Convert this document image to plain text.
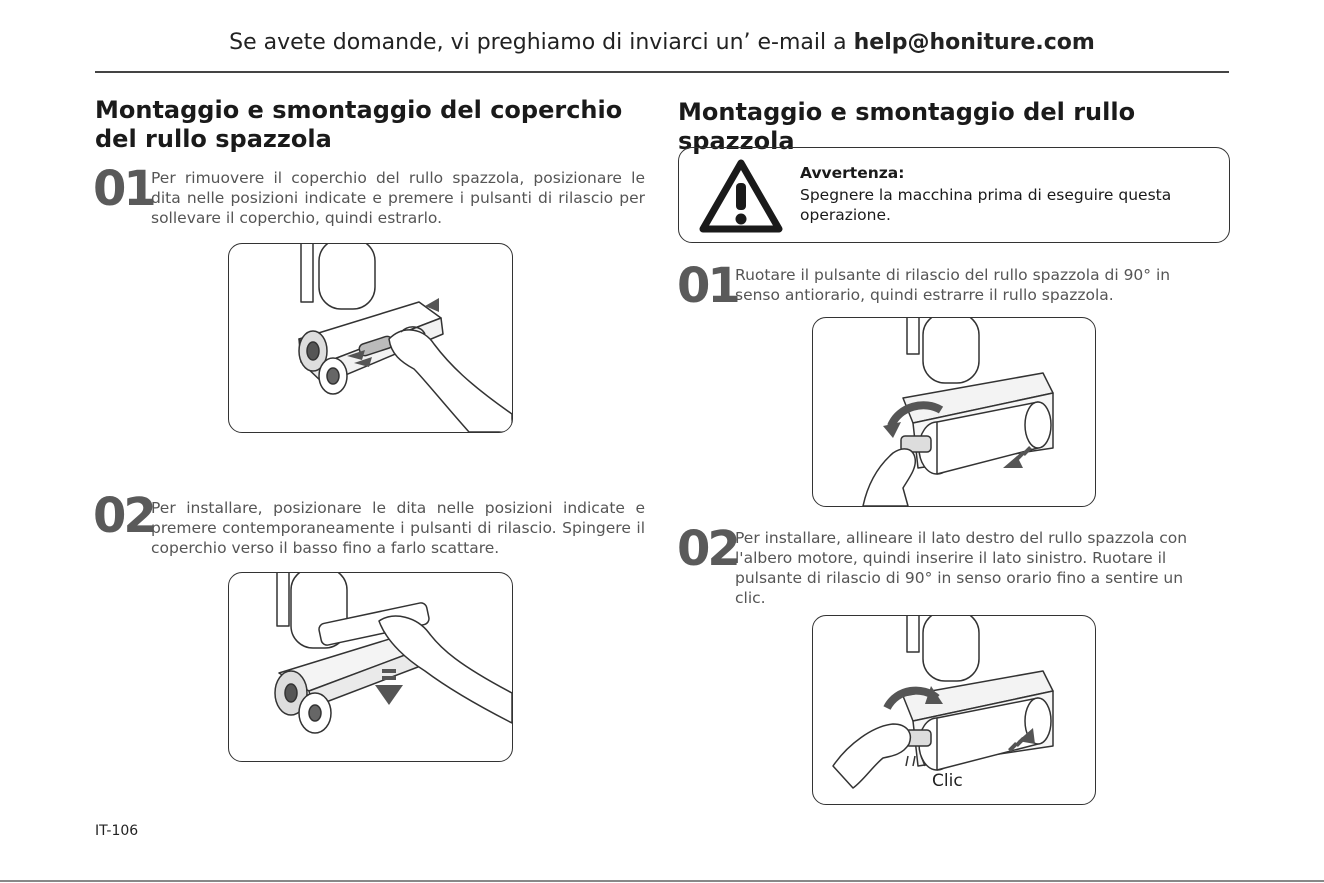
Se avete domande, vi preghiamo di inviarci un’ e-mail a help@honiture.com
Montaggio e smontaggio del coperchio del rullo spazzola
01
Per rimuovere il coperchio del rullo spazzola, posizionare le dita nelle posizioni indicate e premere i pulsanti di rilascio per sollevare il coperchio, quindi estrarlo.
02
Per installare, posizionare le dita nelle posizioni indicate e premere contemporaneamente i pulsanti di rilascio. Spingere il coperchio verso il basso fino a farlo scattare.
Montaggio e smontaggio del rullo spazzola
Avvertenza:
Spegnere la macchina prima di eseguire questa operazione.
01
Ruotare il pulsante di rilascio del rullo spazzola di 90° in senso antiorario, quindi estrarre il rullo spazzola.
02
Per installare, allineare il lato destro del rullo spazzola con l'albero motore, quindi inserire il lato sinistro. Ruotare il pulsante di rilascio di 90° in senso orario fino a sentire un clic.
Clic
IT-106
